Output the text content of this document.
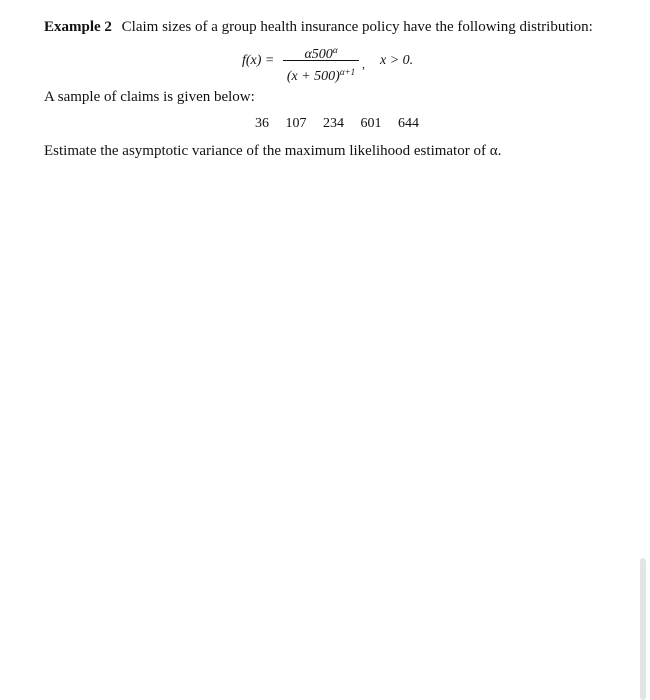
Example 2 Claim sizes of a group health insurance policy have the following distribution:
f(x) =	$\alpha 500^\alpha$
$(x + 500)^{\alpha+1}$
, x > 0.
A sample of claims is given below:
36 107 234 601 644
Estimate the asymptotic variance of the maximum likelihood estimator of α.
